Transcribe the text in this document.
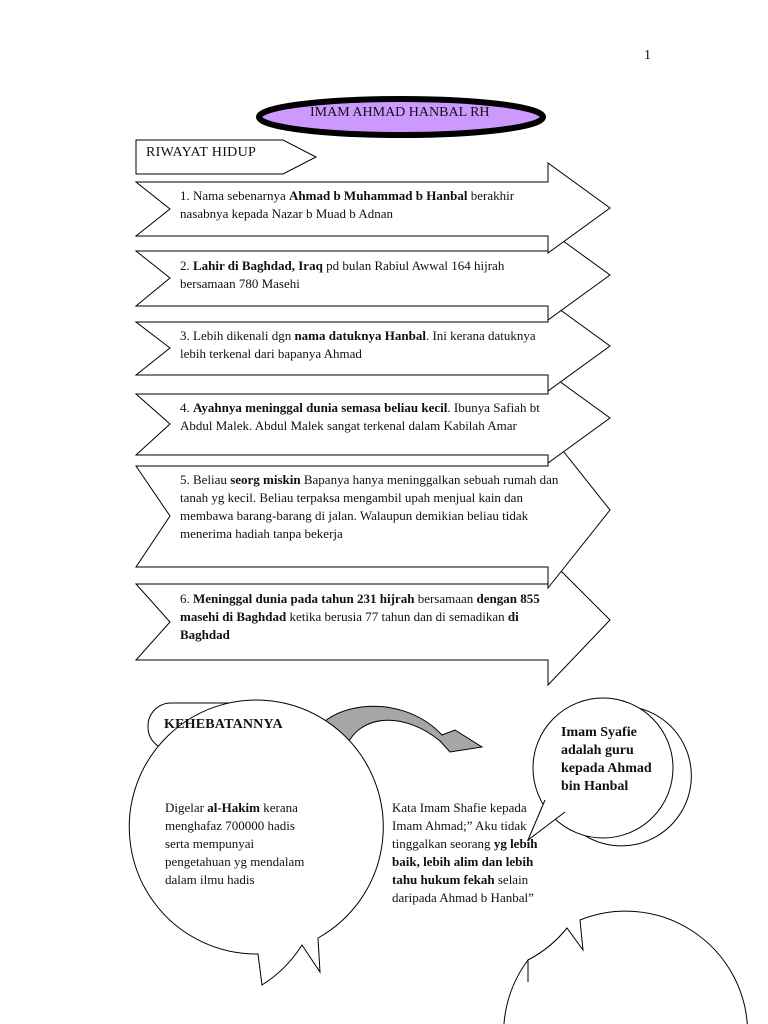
1
IMAM AHMAD HANBAL RH
RIWAYAT HIDUP
1. Nama sebenarnya Ahmad b Muhammad b Hanbal berakhir nasabnya kepada Nazar b Muad b Adnan
2. Lahir di Baghdad, Iraq pd bulan Rabiul Awwal 164 hijrah bersamaan 780 Masehi
3. Lebih dikenali dgn nama datuknya Hanbal. Ini kerana datuknya lebih terkenal dari bapanya Ahmad
4. Ayahnya meninggal dunia semasa beliau kecil. Ibunya Safiah bt Abdul Malek. Abdul Malek sangat terkenal dalam Kabilah Amar
5. Beliau seorg miskin Bapanya hanya meninggalkan sebuah rumah dan tanah yg kecil. Beliau terpaksa mengambil upah menjual kain dan membawa barang-barang di jalan. Walaupun demikian beliau tidak menerima hadiah tanpa bekerja
6. Meninggal dunia pada tahun 231 hijrah bersamaan dengan 855 masehi di Baghdad ketika berusia 77 tahun dan di semadikan di Baghdad
KEHEBATANNYA
Digelar al-Hakim kerana menghafaz 700000 hadis serta mempunyai pengetahuan yg mendalam dalam ilmu hadis
Kata Imam Shafie kepada Imam Ahmad;” Aku tidak tinggalkan seorang yg lebih baik, lebih alim dan lebih tahu hukum fekah selain daripada Ahmad b Hanbal”
Imam Syafie adalah guru kepada Ahmad bin Hanbal
